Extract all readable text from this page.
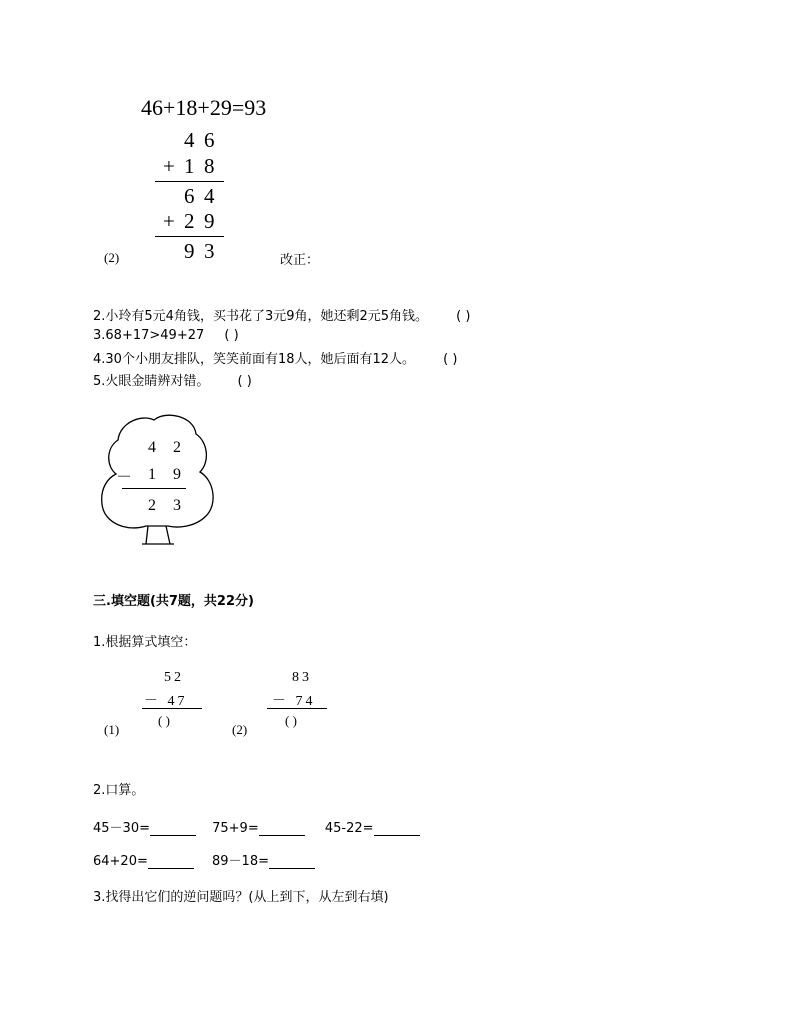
46+18+29=93
4 6
+ 1 8
6 4
+ 2 9
9 3
(2)	改正：
2.小玲有5元4角钱，买书花了3元9角，她还剩2元5角钱。 ( )
3.68+17>49+27 ( )
4.30个小朋友排队，笑笑前面有18人，她后面有12人。 ( )
5.火眼金睛辨对错。 ( )
4 2
－ 1 9
2 3
三.填空题(共7题，共22分)
1.根据算式填空：
52
－ 47
( )
(1)
83
－ 74
( )
(2)
2.口算。
45－30=	75+9=	45-22=
64+20=	89－18=
3.找得出它们的逆问题吗？(从上到下，从左到右填)
